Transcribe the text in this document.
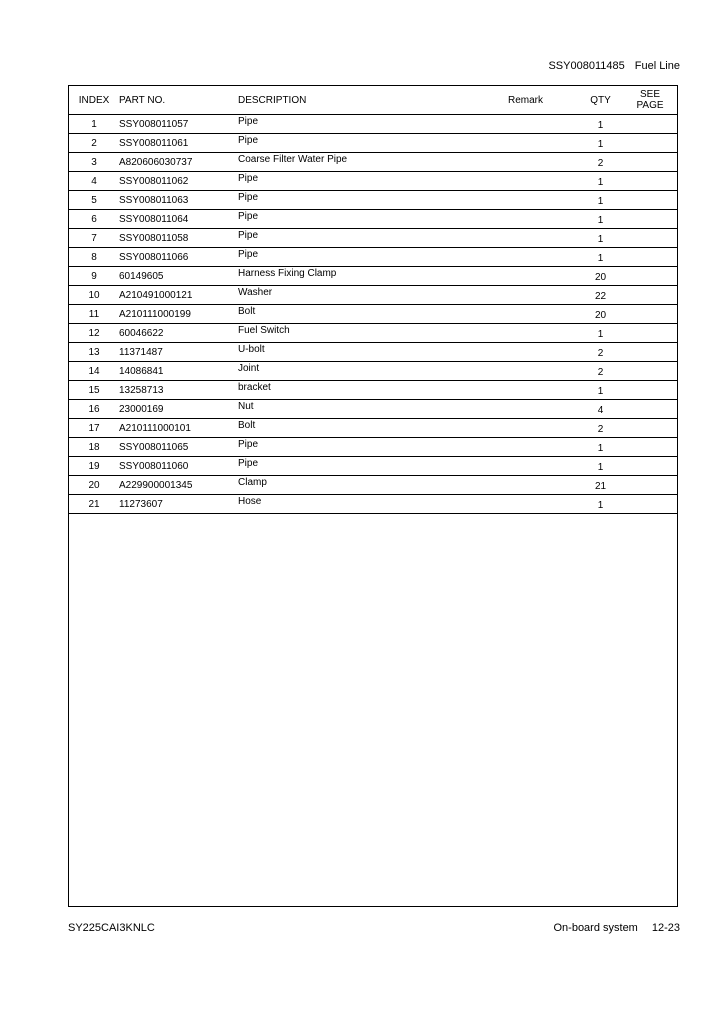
SSY008011485 Fuel Line
INDEX	PART NO.	DESCRIPTION	Remark	QTY	SEE
PAGE
1	SSY008011057	Pipe		1	
2	SSY008011061	Pipe		1	
3	A820606030737	Coarse Filter Water Pipe		2	
4	SSY008011062	Pipe		1	
5	SSY008011063	Pipe		1	
6	SSY008011064	Pipe		1	
7	SSY008011058	Pipe		1	
8	SSY008011066	Pipe		1	
9	60149605	Harness Fixing Clamp		20	
10	A210491000121	Washer		22	
11	A210111000199	Bolt		20	
12	60046622	Fuel Switch		1	
13	11371487	U-bolt		2	
14	14086841	Joint		2	
15	13258713	bracket		1	
16	23000169	Nut		4	
17	A210111000101	Bolt		2	
18	SSY008011065	Pipe		1	
19	SSY008011060	Pipe		1	
20	A229900001345	Clamp		21	
21	11273607	Hose		1	
SY225CAI3KNLC	On-board system 12-23
